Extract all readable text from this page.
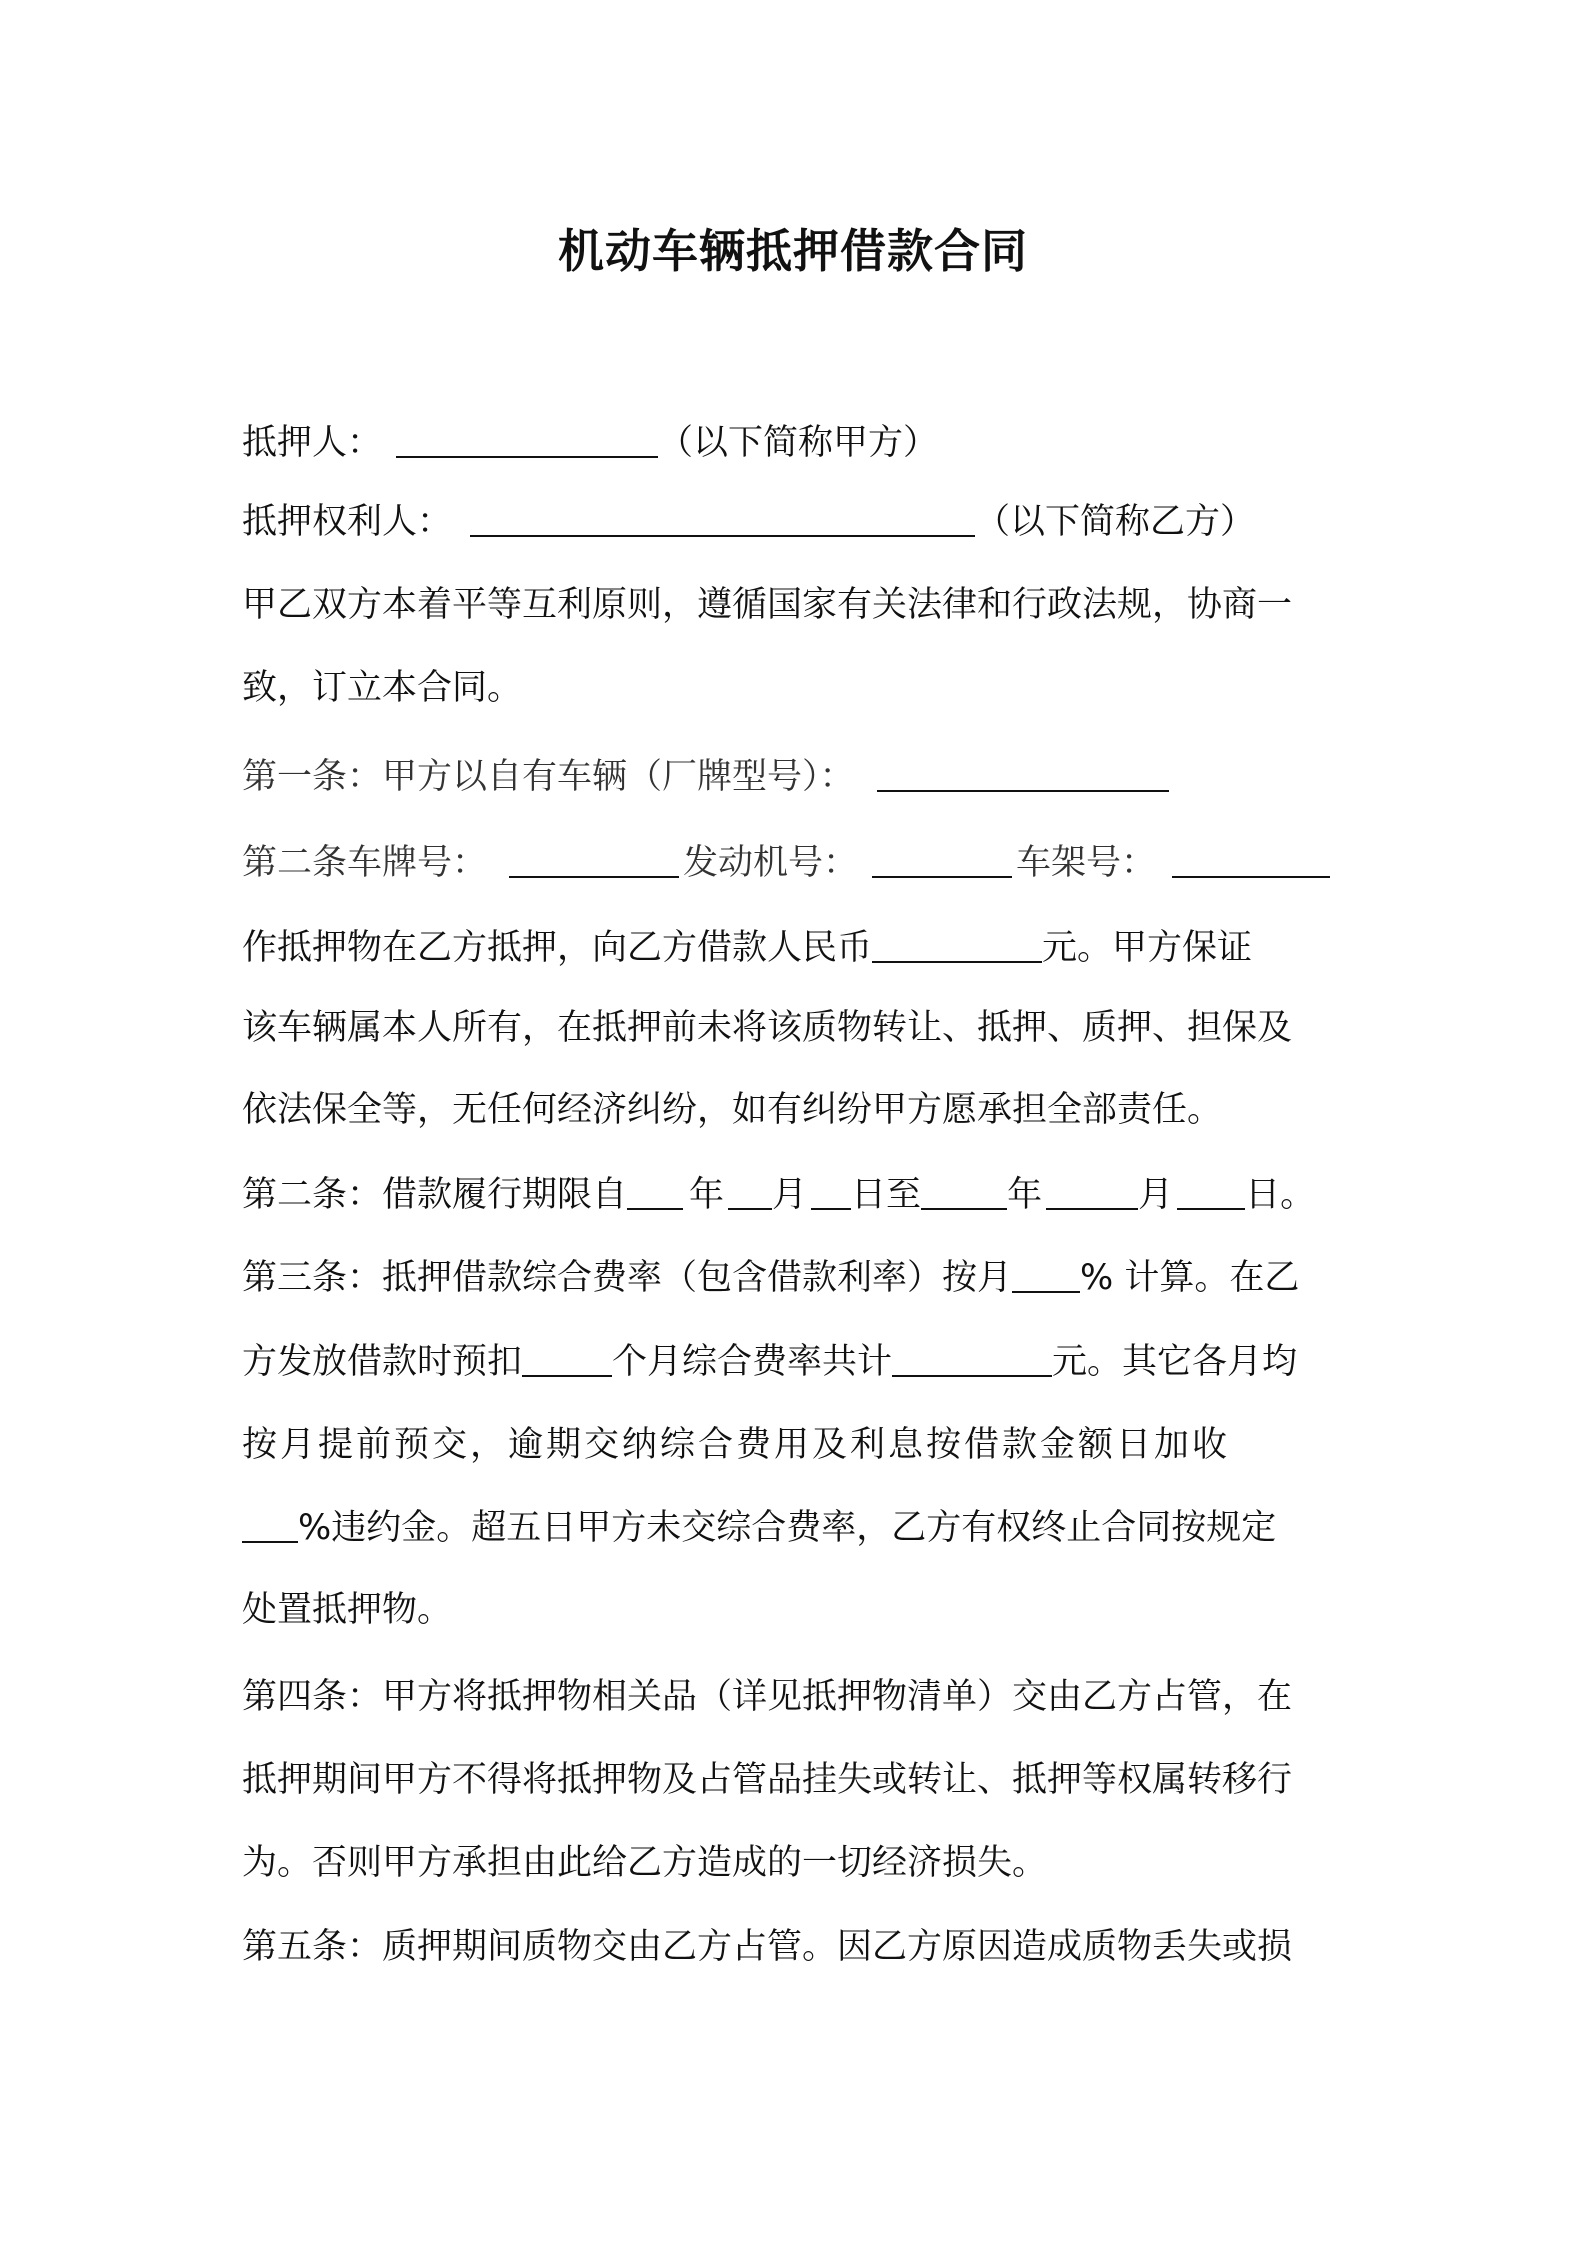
机动车辆抵押借款合同
抵押人：	（以下简称甲方）
抵押权利人：	（以下简称乙方）
甲乙双方本着平等互利原则，遵循国家有关法律和行政法规，协商一
致，订立本合同。
第一条：甲方以自有车辆（厂牌型号）：
第二条车牌号：	发动机号：	车架号：
作抵押物在乙方抵押，向乙方借款人民币	元。甲方保证
该车辆属本人所有，在抵押前未将该质物转让、抵押、质押、担保及
依法保全等，无任何经济纠纷，如有纠纷甲方愿承担全部责任。
第二条：借款履行期限自 年 月 日至 年	月 日。
第三条：抵押借款综合费率（包含借款利率）按月 % 计算。在乙
方发放借款时预扣	个月综合费率共计	元。其它各月均
按月提前预交，逾期交纳综合费用及利息按借款金额日加收
%违约金。超五日甲方未交综合费率，乙方有权终止合同按规定
处置抵押物。
第四条：甲方将抵押物相关品（详见抵押物清单）交由乙方占管，在
抵押期间甲方不得将抵押物及占管品挂失或转让、抵押等权属转移行
为。否则甲方承担由此给乙方造成的一切经济损失。
第五条：质押期间质物交由乙方占管。因乙方原因造成质物丢失或损
